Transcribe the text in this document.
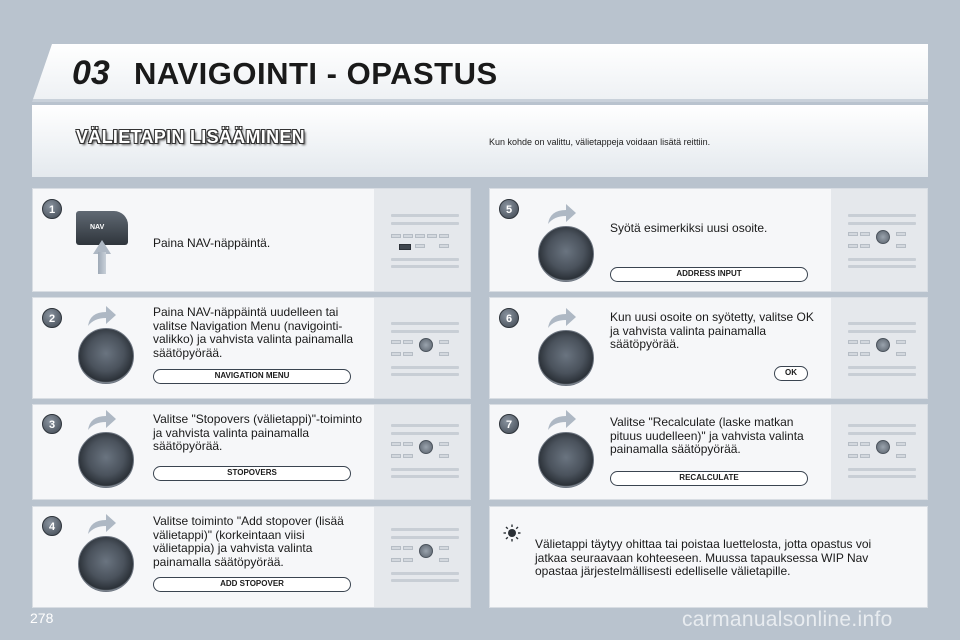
03 NAVIGOINTI - OPASTUS
VÄLIETAPIN LISÄÄMINEN	Kun kohde on valittu, välietappeja voidaan lisätä reittiin.
1
NAV
Paina NAV-näppäintä.
2	Paina NAV-näppäintä uudelleen tai valitse Navigation Menu (navigointi-valikko) ja vahvista valinta painamalla säätöpyörää.
NAVIGATION MENU
3	Valitse "Stopovers (välietappi)"-toiminto ja vahvista valinta painamalla säätöpyörää.
STOPOVERS
4	Valitse toiminto "Add stopover (lisää välietappi)" (korkeintaan viisi välietappia) ja vahvista valinta painamalla säätöpyörää.
ADD STOPOVER
5
Syötä esimerkiksi uusi osoite.
ADDRESS INPUT
6	Kun uusi osoite on syötetty, valitse OK ja vahvista valinta painamalla säätöpyörää.
OK
7	Valitse "Recalculate (laske matkan pituus uudelleen)" ja vahvista valinta painamalla säätöpyörää.
RECALCULATE
Välietappi täytyy ohittaa tai poistaa luettelosta, jotta opastus voi jatkaa seuraavaan kohteeseen. Muussa tapauksessa WIP Nav opastaa järjestelmällisesti edelliselle välietapille.
278	carmanualsonline.info
